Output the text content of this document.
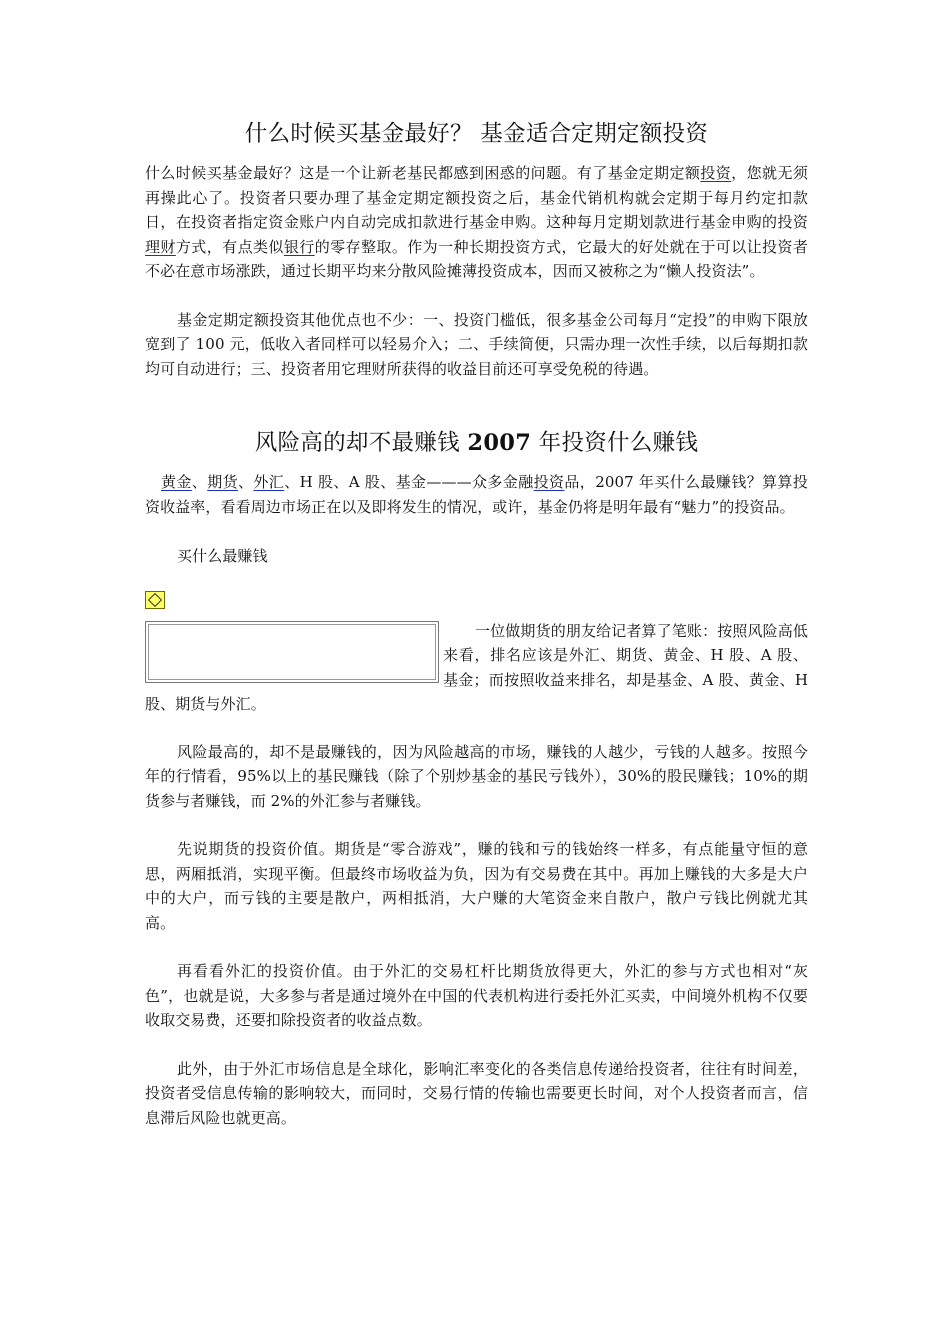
什么时候买基金最好？ 基金适合定期定额投资

什么时候买基金最好？这是一个让新老基民都感到困惑的问题。有了基金定期定额投资，您就无须再操此心了。投资者只要办理了基金定期定额投资之后，基金代销机构就会定期于每月约定扣款日，在投资者指定资金账户内自动完成扣款进行基金申购。这种每月定期划款进行基金申购的投资理财方式，有点类似银行的零存整取。作为一种长期投资方式，它最大的好处就在于可以让投资者不必在意市场涨跌，通过长期平均来分散风险摊薄投资成本，因而又被称之为“懒人投资法”。

基金定期定额投资其他优点也不少：一、投资门槛低，很多基金公司每月“定投”的申购下限放宽到了 100 元，低收入者同样可以轻易介入；二、手续简便，只需办理一次性手续，以后每期扣款均可自动进行；三、投资者用它理财所获得的收益目前还可享受免税的待遇。

风险高的却不最赚钱 2007 年投资什么赚钱

黄金、期货、外汇、H 股、A 股、基金———众多金融投资品，2007 年买什么最赚钱？算算投资收益率，看看周边市场正在以及即将发生的情况，或许，基金仍将是明年最有“魅力”的投资品。

买什么最赚钱

一位做期货的朋友给记者算了笔账：按照风险高低来看，排名应该是外汇、期货、黄金、H 股、A 股、基金；而按照收益来排名，却是基金、A 股、黄金、H 股、期货与外汇。

风险最高的，却不是最赚钱的，因为风险越高的市场，赚钱的人越少，亏钱的人越多。按照今年的行情看，95%以上的基民赚钱（除了个别炒基金的基民亏钱外），30%的股民赚钱；10%的期货参与者赚钱，而 2%的外汇参与者赚钱。

先说期货的投资价值。期货是“零合游戏”，赚的钱和亏的钱始终一样多，有点能量守恒的意思，两厢抵消，实现平衡。但最终市场收益为负，因为有交易费在其中。再加上赚钱的大多是大户中的大户，而亏钱的主要是散户，两相抵消，大户赚的大笔资金来自散户，散户亏钱比例就尤其高。

再看看外汇的投资价值。由于外汇的交易杠杆比期货放得更大，外汇的参与方式也相对“灰色”，也就是说，大多参与者是通过境外在中国的代表机构进行委托外汇买卖，中间境外机构不仅要收取交易费，还要扣除投资者的收益点数。

此外，由于外汇市场信息是全球化，影响汇率变化的各类信息传递给投资者，往往有时间差，投资者受信息传输的影响较大，而同时，交易行情的传输也需要更长时间，对个人投资者而言，信息滞后风险也就更高。
